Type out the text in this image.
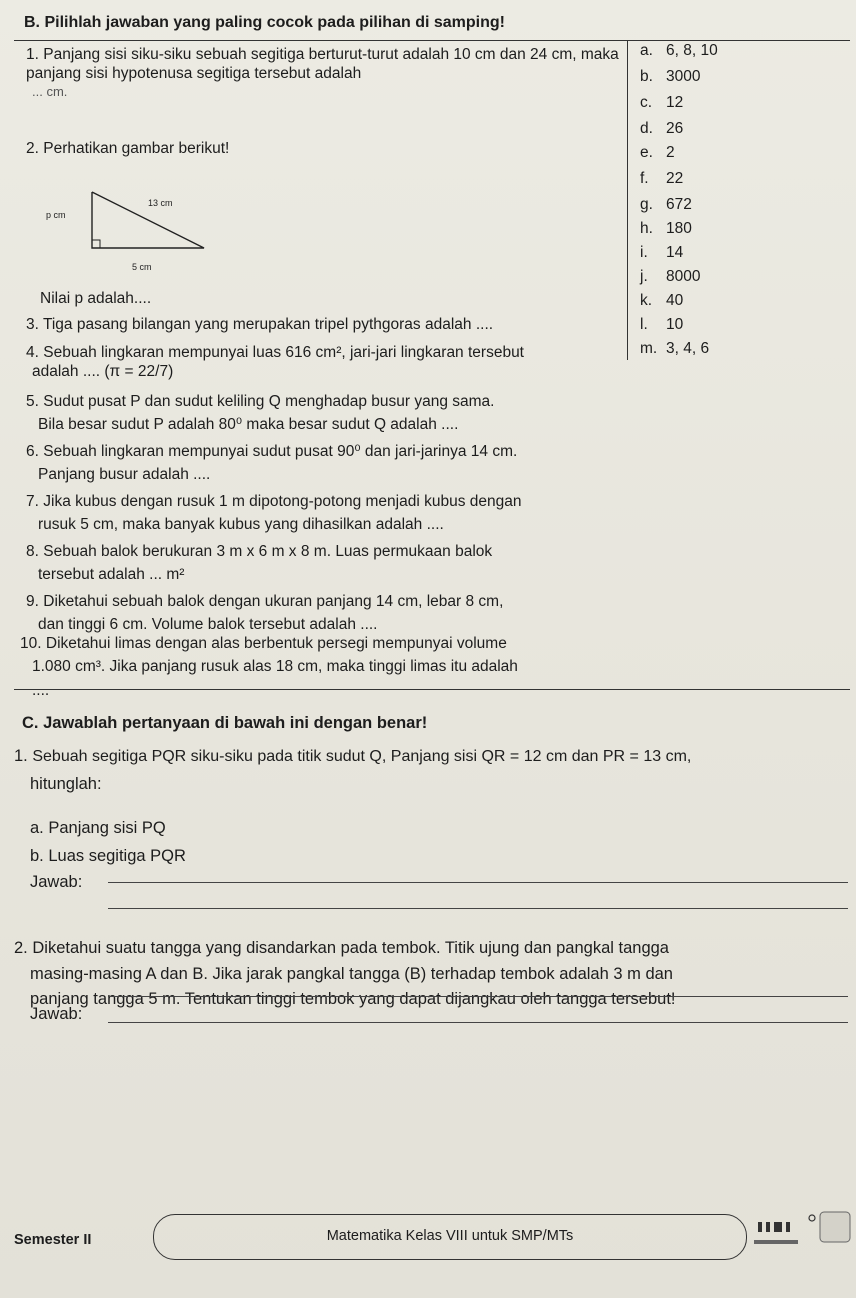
B. Pilihlah jawaban yang paling cocok pada pilihan di samping!
1. Panjang sisi siku-siku sebuah segitiga berturut-turut adalah 10 cm dan 24 cm, maka panjang sisi hypotenusa segitiga tersebut adalah
... cm.
2. Perhatikan gambar berikut!
13 cm
p cm
5 cm
Nilai p adalah....
3. Tiga pasang bilangan yang merupakan tripel pythgoras adalah ....
4. Sebuah lingkaran mempunyai luas 616 cm², jari-jari lingkaran tersebut
adalah .... (π = 22/7)
5. Sudut pusat P dan sudut keliling Q menghadap busur yang sama.
Bila besar sudut P adalah 80⁰ maka besar sudut Q adalah ....
6. Sebuah lingkaran mempunyai sudut pusat 90⁰ dan jari-jarinya 14 cm.
Panjang busur adalah ....
7. Jika kubus dengan rusuk 1 m dipotong-potong menjadi kubus dengan
rusuk 5 cm, maka banyak kubus yang dihasilkan adalah ....
8. Sebuah balok berukuran 3 m x 6 m x 8 m. Luas permukaan balok
tersebut adalah ... m²
9. Diketahui sebuah balok dengan ukuran panjang 14 cm, lebar 8 cm,
dan tinggi 6 cm. Volume balok tersebut adalah ....
10. Diketahui limas dengan alas berbentuk persegi mempunyai volume
1.080 cm³. Jika panjang rusuk alas 18 cm, maka tinggi limas itu adalah
....
a. 6, 8, 10
b. 3000
c. 12
d. 26
e. 2
f. 22
g. 672
h. 180
i. 14
j. 8000
k. 40
l. 10
m. 3, 4, 6
C. Jawablah pertanyaan di bawah ini dengan benar!
1. Sebuah segitiga PQR siku-siku pada titik sudut Q, Panjang sisi QR = 12 cm dan PR = 13 cm,
hitunglah:
a. Panjang sisi PQ
b. Luas segitiga PQR
Jawab:
2. Diketahui suatu tangga yang disandarkan pada tembok. Titik ujung dan pangkal tangga
masing-masing A dan B. Jika jarak pangkal tangga (B) terhadap tembok adalah 3 m dan
panjang tangga 5 m. Tentukan tinggi tembok yang dapat dijangkau oleh tangga tersebut!
Jawab:
Semester II	Matematika Kelas VIII untuk SMP/MTs
